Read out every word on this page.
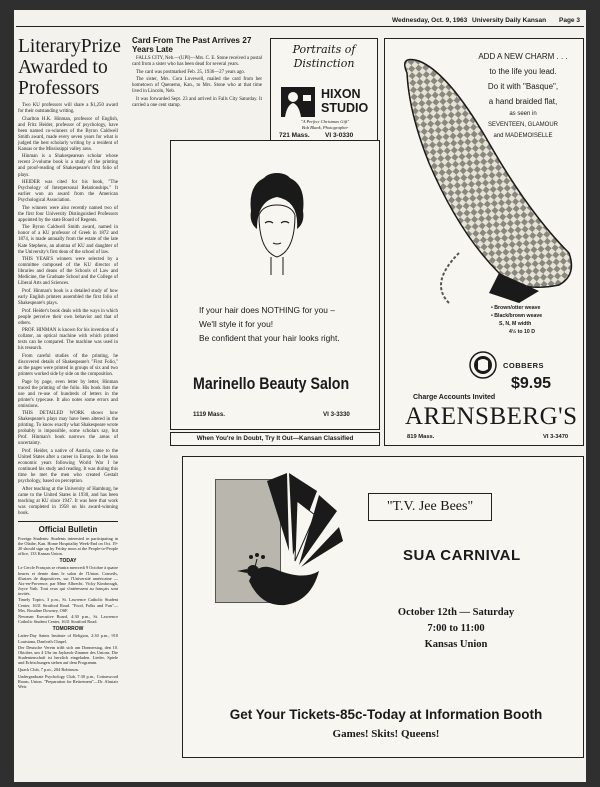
Wednesday, Oct. 9, 1963 University Daily Kansan Page 3
LiteraryPrize
Awarded to
Professors

Two KU professors will share a $1,250 award for their outstanding writing.

Charlton H.K. Hinman, professor of English, and Fritz Heider, professor of psychology, have been named co-winners of the Byron Caldwell Smith award, made every seven years for what is judged the best scholarly writing by a resident of Kansas or the Mississippi valley area.

Hinman is a Shakespearean scholar whose recent 2-volume book is a study of the printing and proof-reading of Shakespeare's first folio of plays.

HEIDER was cited for his book, "The Psychology of Interpersonal Relationships." It earlier won an award from the American Psychological Association.

The winners were also recently named two of the first four University Distinguished Professors appointed by the state Board of Regents.

The Byron Caldwell Smith award, named in honor of a KU professor of Greek in 1872 and 1874, is made annually from the estate of the late Kate Stephens, an alumna of KU and daughter of the University's first dean of the school of law.

THIS YEAR'S winners were selected by a committee composed of the KU director of libraries and deans of the Schools of Law and Medicine, the Graduate School and the College of Liberal Arts and Sciences.

Prof. Hinman's book is a detailed study of how early English printers assembled the first folio of Shakespeare's plays.

Prof. Heider's book deals with the ways in which people perceive their own behavior and that of others.

PROF. HINMAN is known for his invention of a collator, an optical machine with which printed texts can be compared. The machine was used in his research.

From careful studies of the printing, he discovered details of Shakespeare's "First Folio," as the pages were printed in groups of six and two printers worked side by side on the composition.

Page by page, even letter by letter, Hinman traced the printing of the folio. His book lists the use and re-use of hundreds of letters in the printer's typecase. It also notes some errors and omissions.

THIS DETAILED WORK shows how Shakespeare's plays may have been altered in the printing. To know exactly what Shakespeare wrote probably is impossible, some scholars say, but Prof. Hinman's book narrows the areas of uncertainty.

Prof. Heider, a native of Austria, came to the United States after a career in Europe. In the lean economic years following World War I he continued his study and reading. It was during this time he met the men who created Gestalt psychology, based on perception.

After teaching at the University of Hamburg, he came to the United States in 1930, and has been teaching at KU since 1947. It was here that work was completed in 1958 on his award-winning book.

Official Bulletin
Foreign Students: Students interested in participating in the Olathe, Kan. Home Hospitality Week-End on Oct. 19-20 should sign up by Friday noon at the People-to-People office, 133 Kansas Union.
TODAY
Le Cercle Français se réunira mercredi 9 Octobre à quatre heures et demie dans le salon de l'Union. Conseils, illustres de diapositives, sur l'Université américaine — Aix-en-Provence, par Mme Albrecht. Vicky Kimbrough, Joyce Vath. Tout ceux qui s'intéressent au français sont invités.
Timely Topics, 3 p.m., St. Lawrence Catholic Student Center, 1631 Stratford Road. "Food, Folks and Fun"—Mrs. Rosaline Downey, OSF.
Newman Executive Board, 4:30 p.m., St. Lawrence Catholic Student Center, 1631 Stratford Road.
TOMORROW
Latter-Day Saints Institute of Religion, 2:30 p.m., 910 Louisiana, Danforth Chapel.
Der Deutsche Verein trifft sich am Donnerstag, den 10. Oktober, um 4 Uhr im Jayhawk-Zimmer des Unions. Die Studentenschaft ist herzlich eingeladen. Lieder, Spiele und Erfrischungen stehen auf dem Programm.
Quack Club, 7 p.m., 204 Robinson.
Undergraduate Psychology Club, 7:30 p.m., Cottonwood Room, Union. "Preparation for Retirement"—Dr. Alastair Weir.
Card From The Past Arrives 27 Years Late

FALLS CITY, Neb.—(UPI)—Mrs. C. E. Stone received a postal card from a sister who has been dead for several years.

The card was postmarked Feb. 25, 1936—27 years ago.

The sister, Mrs. Cora Lovewell, mailed the card from her hometown of Quenemo, Kan., to Mrs. Stone who at that time lived in Lincoln, Neb.

It was forwarded Sept. 23 and arrived in Falls City Saturday. It carried a one cent stamp.

Portraits of
Distinction
HIXON
STUDIO
"A Perfect Christmas Gift"
Bob Blank, Photographer
721 Mass. VI 3-0330
If your hair does NOTHING for you –
We'll style it for you!
Be confident that your hair looks right.
Marinello Beauty Salon
1119 Mass.	VI 3-3330
When You're In Doubt, Try It Out—Kansan Classified
ADD A NEW CHARM . . .
to the life you lead.
Do it with "Basque",
a hand braided flat,
as seen in
SEVENTEEN, GLAMOUR
and MADEMOISELLE
• Brown/otter weave
• Black/brown weave
S, N, M width
4½ to 10 D
COBBERS
$9.95
Charge Accounts Invited
ARENSBERG'S
819 Mass.	VI 3-3470
"T.V. Jee Bees"
SUA CARNIVAL
October 12th — Saturday
7:00 to 11:00
Kansas Union
Get Your Tickets-85c-Today at Information Booth
Games! Skits! Queens!
